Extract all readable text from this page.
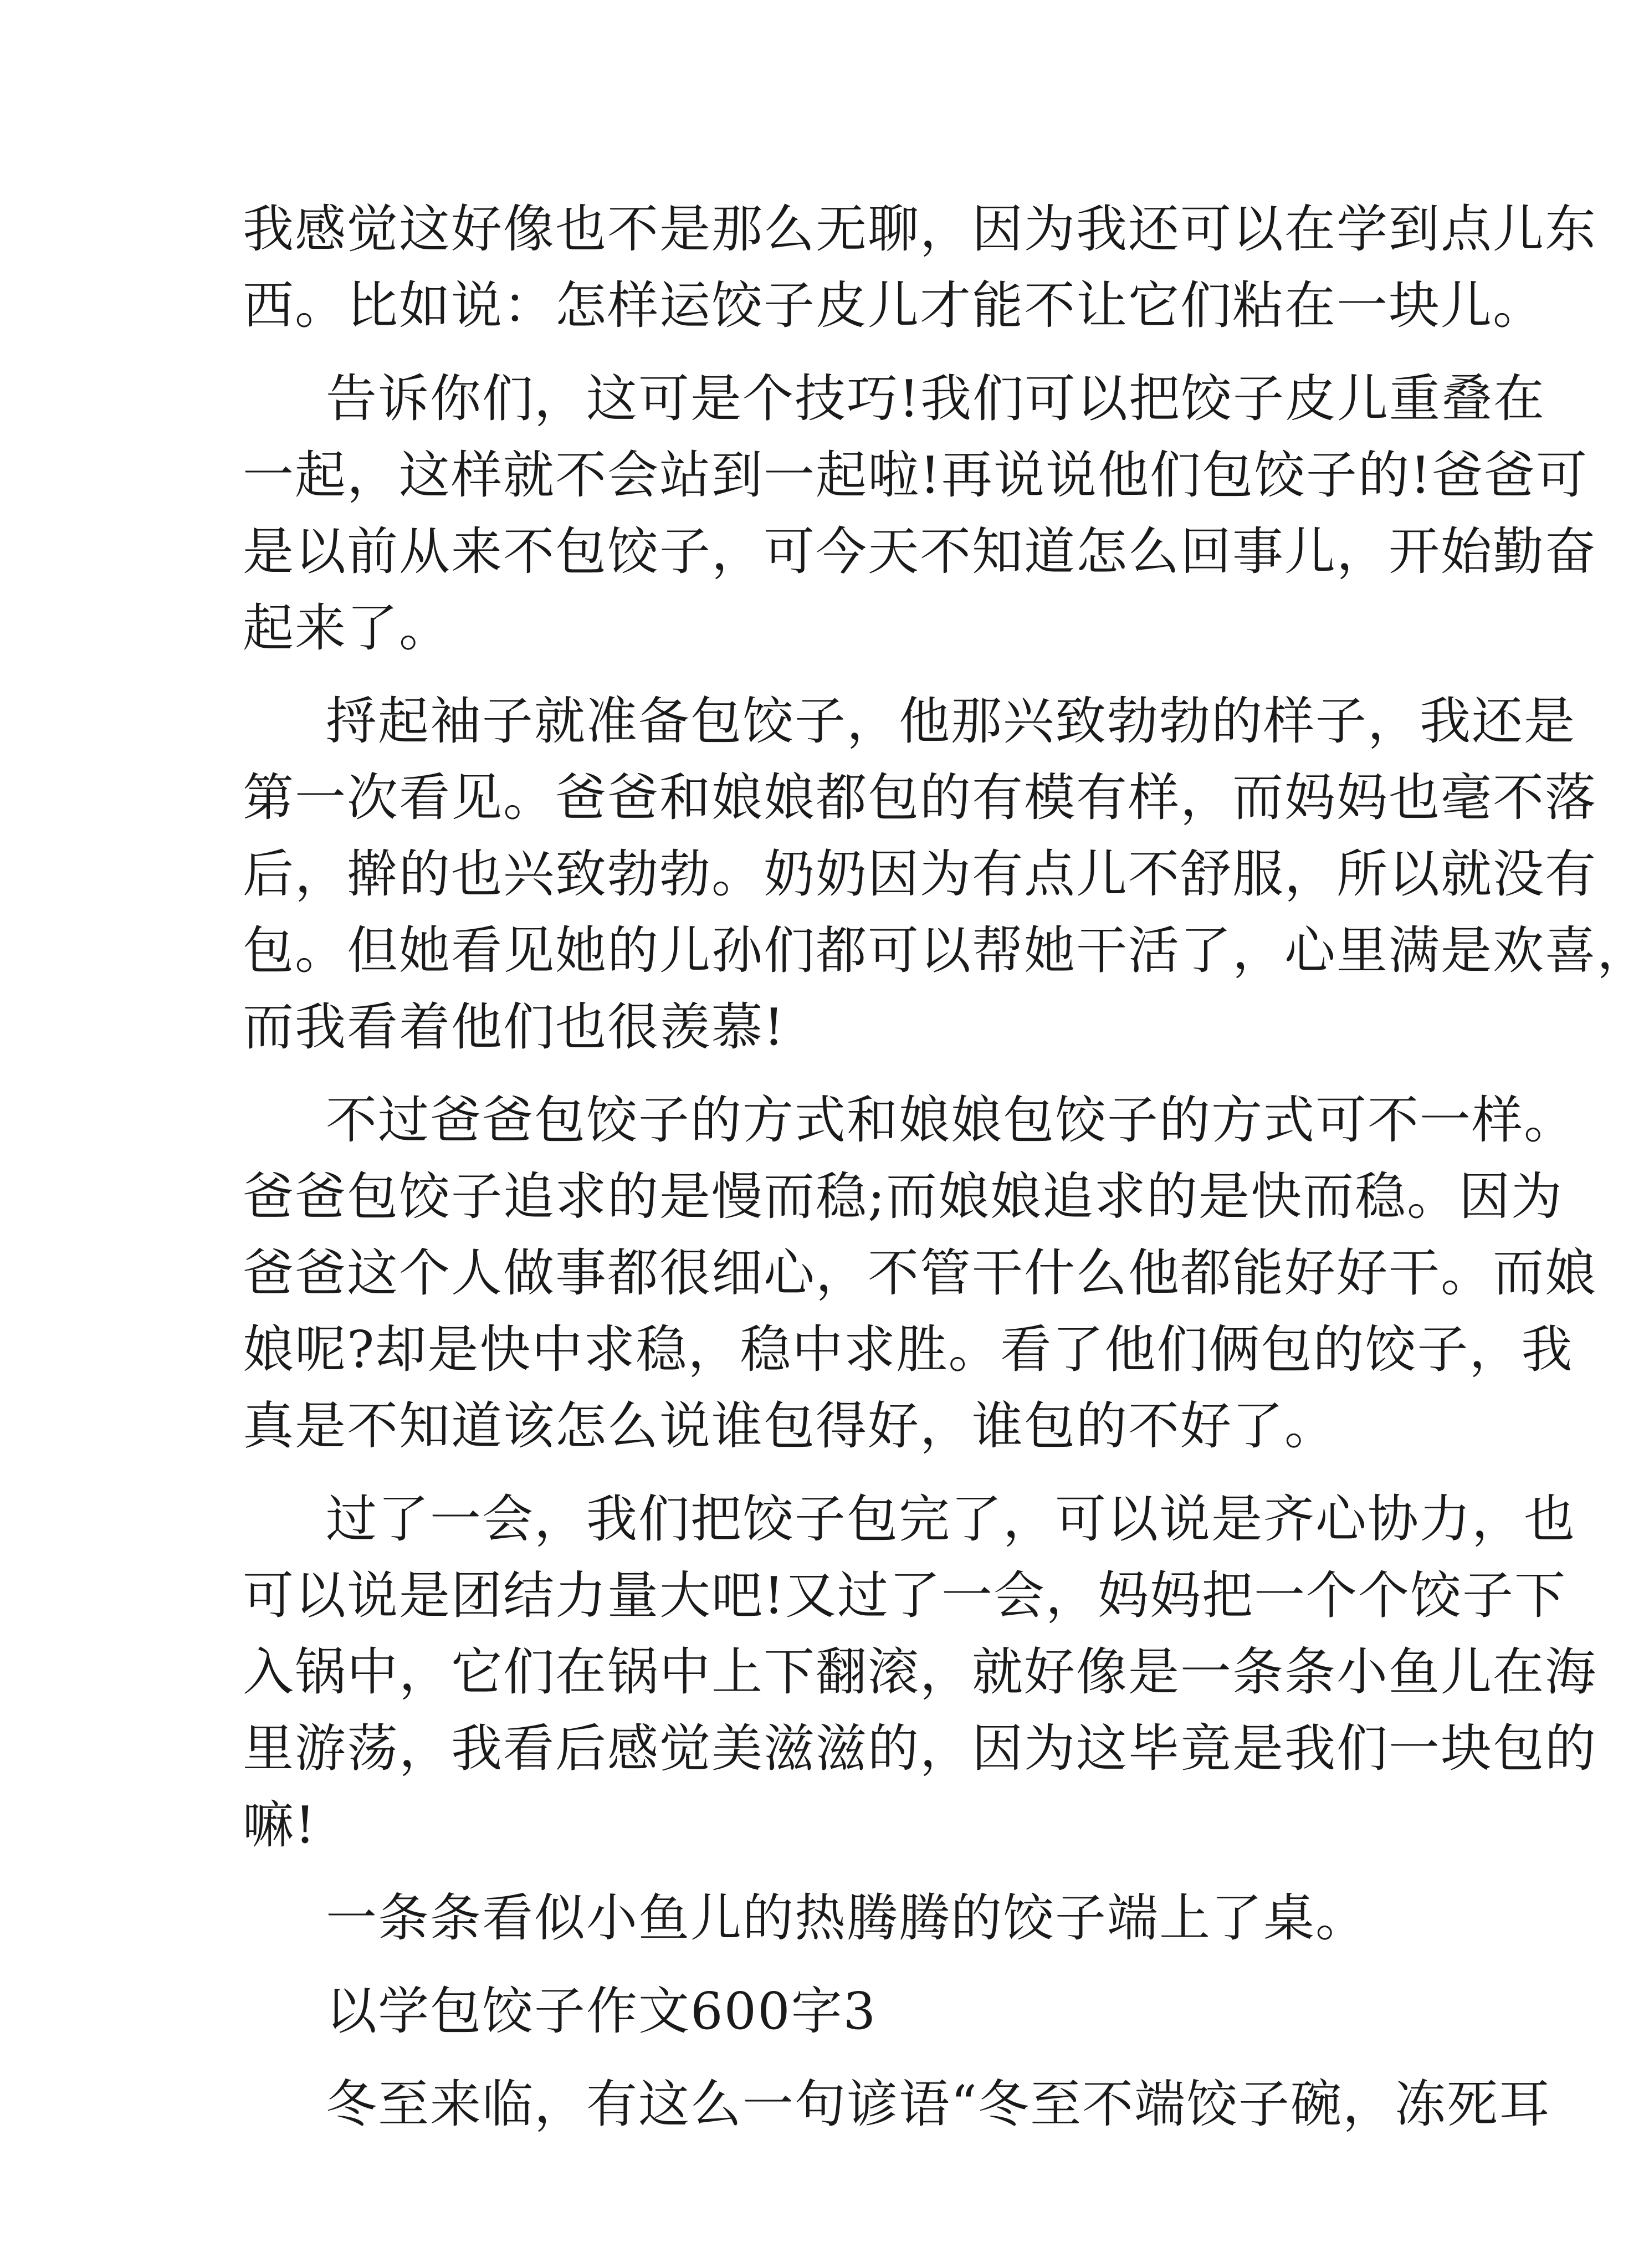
我感觉这好像也不是那么无聊，因为我还可以在学到点儿东
西。比如说：怎样运饺子皮儿才能不让它们粘在一块儿。
告诉你们，这可是个技巧!我们可以把饺子皮儿重叠在
一起，这样就不会站到一起啦!再说说他们包饺子的!爸爸可
是以前从来不包饺子，可今天不知道怎么回事儿，开始勤奋
起来了。
捋起袖子就准备包饺子，他那兴致勃勃的样子，我还是
第一次看见。爸爸和娘娘都包的有模有样，而妈妈也毫不落
后，擀的也兴致勃勃。奶奶因为有点儿不舒服，所以就没有
包。但她看见她的儿孙们都可以帮她干活了，心里满是欢喜，
而我看着他们也很羡慕!
不过爸爸包饺子的方式和娘娘包饺子的方式可不一样。
爸爸包饺子追求的是慢而稳;而娘娘追求的是快而稳。因为
爸爸这个人做事都很细心，不管干什么他都能好好干。而娘
娘呢?却是快中求稳，稳中求胜。看了他们俩包的饺子，我
真是不知道该怎么说谁包得好，谁包的不好了。
过了一会，我们把饺子包完了，可以说是齐心协力，也
可以说是团结力量大吧!又过了一会，妈妈把一个个饺子下
入锅中，它们在锅中上下翻滚，就好像是一条条小鱼儿在海
里游荡，我看后感觉美滋滋的，因为这毕竟是我们一块包的
嘛!
一条条看似小鱼儿的热腾腾的饺子端上了桌。
以学包饺子作文600字3
冬至来临，有这么一句谚语“冬至不端饺子碗，冻死耳
